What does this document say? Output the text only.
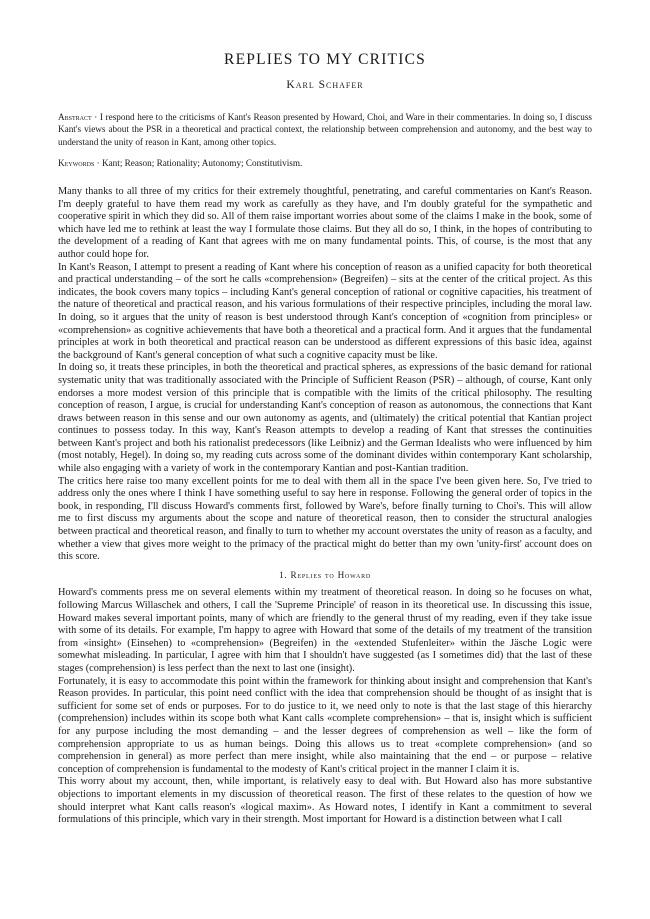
REPLIES TO MY CRITICS

Karl Schafer

Abstract · I respond here to the criticisms of Kant's Reason presented by Howard, Choi, and Ware in their commentaries. In doing so, I discuss Kant's views about the PSR in a theoretical and practical context, the relationship between comprehension and autonomy, and the best way to understand the unity of reason in Kant, among other topics.

Keywords · Kant; Reason; Rationality; Autonomy; Constitutivism.

Many thanks to all three of my critics for their extremely thoughtful, penetrating, and careful commentaries on Kant's Reason. I'm deeply grateful to have them read my work as carefully as they have, and I'm doubly grateful for the sympathetic and cooperative spirit in which they did so. All of them raise important worries about some of the claims I make in the book, some of which have led me to rethink at least the way I formulate those claims. But they all do so, I think, in the hopes of contributing to the development of a reading of Kant that agrees with me on many fundamental points. This, of course, is the most that any author could hope for.

In Kant's Reason, I attempt to present a reading of Kant where his conception of reason as a unified capacity for both theoretical and practical understanding – of the sort he calls «comprehension» (Begreifen) – sits at the center of the critical project. As this indicates, the book covers many topics – including Kant's general conception of rational or cognitive capacities, his treatment of the nature of theoretical and practical reason, and his various formulations of their respective principles, including the moral law. In doing, so it argues that the unity of reason is best understood through Kant's conception of «cognition from principles» or «comprehension» as cognitive achievements that have both a theoretical and a practical form. And it argues that the fundamental principles at work in both theoretical and practical reason can be understood as different expressions of this basic idea, against the background of Kant's general conception of what such a cognitive capacity must be like.

In doing so, it treats these principles, in both the theoretical and practical spheres, as expressions of the basic demand for rational systematic unity that was traditionally associated with the Principle of Sufficient Reason (PSR) – although, of course, Kant only endorses a more modest version of this principle that is compatible with the limits of the critical philosophy. The resulting conception of reason, I argue, is crucial for understanding Kant's conception of reason as autonomous, the connections that Kant draws between reason in this sense and our own autonomy as agents, and (ultimately) the critical potential that Kantian project continues to possess today. In this way, Kant's Reason attempts to develop a reading of Kant that stresses the continuities between Kant's project and both his rationalist predecessors (like Leibniz) and the German Idealists who were influenced by him (most notably, Hegel). In doing so, my reading cuts across some of the dominant divides within contemporary Kant scholarship, while also engaging with a variety of work in the contemporary Kantian and post-Kantian tradition.

The critics here raise too many excellent points for me to deal with them all in the space I've been given here. So, I've tried to address only the ones where I think I have something useful to say here in response. Following the general order of topics in the book, in responding, I'll discuss Howard's comments first, followed by Ware's, before finally turning to Choi's. This will allow me to first discuss my arguments about the scope and nature of theoretical reason, then to consider the structural analogies between practical and theoretical reason, and finally to turn to whether my account overstates the unity of reason as a faculty, and whether a view that gives more weight to the primacy of the practical might do better than my own 'unity-first' account does on this score.

1. Replies to Howard

Howard's comments press me on several elements within my treatment of theoretical reason. In doing so he focuses on what, following Marcus Willaschek and others, I call the 'Supreme Principle' of reason in its theoretical use. In discussing this issue, Howard makes several important points, many of which are friendly to the general thrust of my reading, even if they take issue with some of its details. For example, I'm happy to agree with Howard that some of the details of my treatment of the transition from «insight» (Einsehen) to «comprehension» (Begreifen) in the «extended Stufenleiter» within the Jäsche Logic were somewhat misleading. In particular, I agree with him that I shouldn't have suggested (as I sometimes did) that the last of these stages (comprehension) is less perfect than the next to last one (insight).

Fortunately, it is easy to accommodate this point within the framework for thinking about insight and comprehension that Kant's Reason provides. In particular, this point need conflict with the idea that comprehension should be thought of as insight that is sufficient for some set of ends or purposes. For to do justice to it, we need only to note is that the last stage of this hierarchy (comprehension) includes within its scope both what Kant calls «complete comprehension» – that is, insight which is sufficient for any purpose including the most demanding – and the lesser degrees of comprehension as well – like the form of comprehension appropriate to us as human beings. Doing this allows us to treat «complete comprehension» (and so comprehension in general) as more perfect than mere insight, while also maintaining that the end – or purpose – relative conception of comprehension is fundamental to the modesty of Kant's critical project in the manner I claim it is.

This worry about my account, then, while important, is relatively easy to deal with. But Howard also has more substantive objections to important elements in my discussion of theoretical reason. The first of these relates to the question of how we should interpret what Kant calls reason's «logical maxim». As Howard notes, I identify in Kant a commitment to several formulations of this principle, which vary in their strength. Most important for Howard is a distinction between what I call
